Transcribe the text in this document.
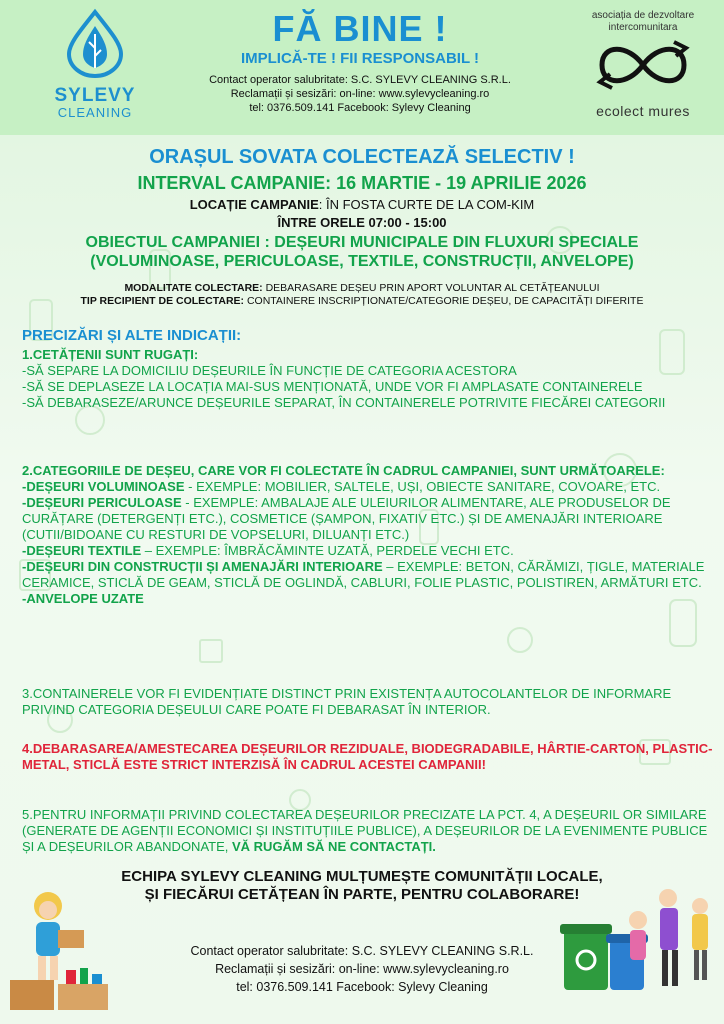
SYLEVY
CLEANING
asociația de dezvoltare
intercomunitara
ecolect mures
FĂ BINE !
IMPLICĂ-TE ! FII RESPONSABIL !
Contact operator salubritate: S.C. SYLEVY CLEANING S.R.L.
Reclamații și sesizări: on-line: www.sylevycleaning.ro
tel: 0376.509.141 Facebook: Sylevy Cleaning
ORAȘUL SOVATA COLECTEAZĂ SELECTIV !
INTERVAL CAMPANIE: 16 MARTIE - 19 APRILIE 2026
LOCAȚIE CAMPANIE: ÎN FOSTA CURTE DE LA COM-KIM
ÎNTRE ORELE 07:00 - 15:00
OBIECTUL CAMPANIEI : DEȘEURI MUNICIPALE DIN FLUXURI SPECIALE
(VOLUMINOASE, PERICULOASE, TEXTILE, CONSTRUCȚII, ANVELOPE)
MODALITATE COLECTARE: DEBARASARE DEȘEU PRIN APORT VOLUNTAR AL CETĂȚEANULUI
TIP RECIPIENT DE COLECTARE: CONTAINERE INSCRIPȚIONATE/CATEGORIE DEȘEU, DE CAPACITĂȚI DIFERITE
PRECIZĂRI ȘI ALTE INDICAȚII:
1.CETĂȚENII SUNT RUGAȚI:
-SĂ SEPARE LA DOMICILIU DEȘEURILE ÎN FUNCȚIE DE CATEGORIA ACESTORA
-SĂ SE DEPLASEZE LA LOCAȚIA MAI-SUS MENȚIONATĂ, UNDE VOR FI AMPLASATE CONTAINERELE
-SĂ DEBARASEZE/ARUNCE DEȘEURILE SEPARAT, ÎN CONTAINERELE POTRIVITE FIECĂREI CATEGORII
2.CATEGORIILE DE DEȘEU, CARE VOR FI COLECTATE ÎN CADRUL CAMPANIEI, SUNT URMĂTOARELE:
-DEȘEURI VOLUMINOASE - EXEMPLE: MOBILIER, SALTELE, UȘI, OBIECTE SANITARE, COVOARE, ETC.
-DEȘEURI PERICULOASE - EXEMPLE: AMBALAJE ALE ULEIURILOR ALIMENTARE, ALE PRODUSELOR DE CURĂȚARE (DETERGENȚI ETC.), COSMETICE (ȘAMPON, FIXATIV ETC.) ȘI DE AMENAJĂRI INTERIOARE (CUTII/BIDOANE CU RESTURI DE VOPSELURI, DILUANȚI ETC.)
-DEȘEURI TEXTILE – EXEMPLE: ÎMBRĂCĂMINTE UZATĂ, PERDELE VECHI ETC.
-DEȘEURI DIN CONSTRUCȚII ȘI AMENAJĂRI INTERIOARE – EXEMPLE: BETON, CĂRĂMIZI, ȚIGLE, MATERIALE CERAMICE, STICLĂ DE GEAM, STICLĂ DE OGLINDĂ, CABLURI, FOLIE PLASTIC, POLISTIREN, ARMĂTURI ETC.
-ANVELOPE UZATE
3.CONTAINERELE VOR FI EVIDENȚIATE DISTINCT PRIN EXISTENȚA AUTOCOLANTELOR DE INFORMARE PRIVIND CATEGORIA DEȘEULUI CARE POATE FI DEBARASAT ÎN INTERIOR.
4.DEBARASAREA/AMESTECAREA DEȘEURILOR REZIDUALE, BIODEGRADABILE, HÂRTIE-CARTON, PLASTIC-METAL, STICLĂ ESTE STRICT INTERZISĂ ÎN CADRUL ACESTEI CAMPANII!
5.PENTRU INFORMAȚII PRIVIND COLECTAREA DEȘEURILOR PRECIZATE LA PCT. 4, A DEȘEURIL OR SIMILARE (GENERATE DE AGENȚII ECONOMICI ȘI INSTITUȚIILE PUBLICE), A DEȘEURILOR DE LA EVENIMENTE PUBLICE ȘI A DEȘEURILOR ABANDONATE, VĂ RUGĂM SĂ NE CONTACTAȚI.
ECHIPA SYLEVY CLEANING MULȚUMEȘTE COMUNITĂȚII LOCALE,
ȘI FIECĂRUI CETĂȚEAN ÎN PARTE, PENTRU COLABORARE!
Contact operator salubritate: S.C. SYLEVY CLEANING S.R.L.
Reclamații și sesizări: on-line: www.sylevycleaning.ro
tel: 0376.509.141 Facebook: Sylevy Cleaning
